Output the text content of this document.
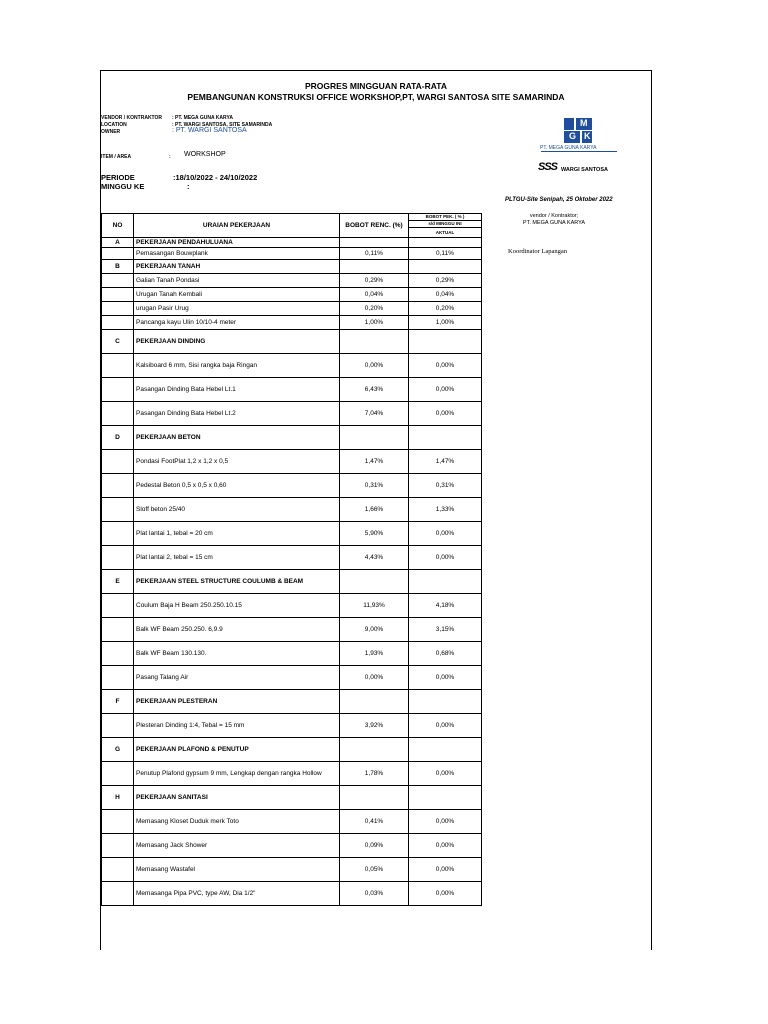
PROGRES MINGGUAN RATA-RATA
PEMBANGUNAN KONSTRUKSI OFFICE WORKSHOP,PT, WARGI SANTOSA SITE SAMARINDA
VENDOR / KONTRAKTOR : PT. MEGA GUNA KARYA
LOCATION	: PT. WARGI SANTOSA, SITE SAMARINDA
OWNER	: PT. WARGI SANTOSA
ITEM / AREA	: WORKSHOP
PERIODE	:18/10/2022 - 24/10/2022
MINGGU KE	:
M
G K
PT. MEGA GUNA KARYA
SSS WARGI SANTOSA
PLTGU-Site Senipah, 25 Oktober 2022
vendor / Kontraktor;
PT. MEGA GUNA KARYA
Koordinator Lapangan
NO	URAIAN PEKERJAAN	BOBOT RENC. (%)	BOBOT PEK. ( % )
			s/d MINGGU INI
			AKTUAL
A	PEKERJAAN PENDAHULUANA		
	Pemasangan Bouwplank	0,11%	0,11%
B	PEKERJAAN TANAH		
	Galian Tanah Pondasi	0,29%	0,29%
	Urugan Tanah Kembali	0,04%	0,04%
	urugan Pasir Urug	0,20%	0,20%
	Pancanga kayu Ulin 10/10-4 meter	1,00%	1,00%
C	PEKERJAAN DINDING		
	Kalsiboard 6 mm, Sisi rangka baja Ringan	0,00%	0,00%
	Pasangan Dinding Bata Hebel Lt.1	6,43%	0,00%
	Pasangan Dinding Bata Hebel Lt.2	7,04%	0,00%
D	PEKERJAAN BETON		
	Pondasi FootPlat 1,2 x 1,2 x 0,5	1,47%	1,47%
	Pedestal Beton 0,5 x 0,5 x 0,60	0,31%	0,31%
	Sloff beton 25/40	1,66%	1,33%
	Plat lantai 1, tebal = 20 cm	5,90%	0,00%
	Plat lantai 2, tebal = 15 cm	4,43%	0,00%
E	PEKERJAAN STEEL STRUCTURE COULUMB & BEAM		
	Coulum Baja H Beam 250.250.10.15	11,93%	4,18%
	Balk WF Beam 250.250. 6,9.9	9,00%	3,15%
	Balk WF Beam 130.130.	1,93%	0,68%
	Pasang Talang Air	0,00%	0,00%
F	PEKERJAAN PLESTERAN		
	Plesteran Dinding 1:4, Tebal = 15 mm	3,92%	0,00%
G	PEKERJAAN PLAFOND & PENUTUP		
	Penutup Plafond gypsum 9 mm, Lengkap dengan rangka Hollow	1,78%	0,00%
H	PEKERJAAN SANITASI		
	Memasang Kloset Duduk merk Toto	0,41%	0,00%
	Memasang Jack Shower	0,09%	0,00%
	Memasang Wastafel	0,05%	0,00%
	Memasanga Pipa PVC, type AW, Dia 1/2"	0,03%	0,00%
